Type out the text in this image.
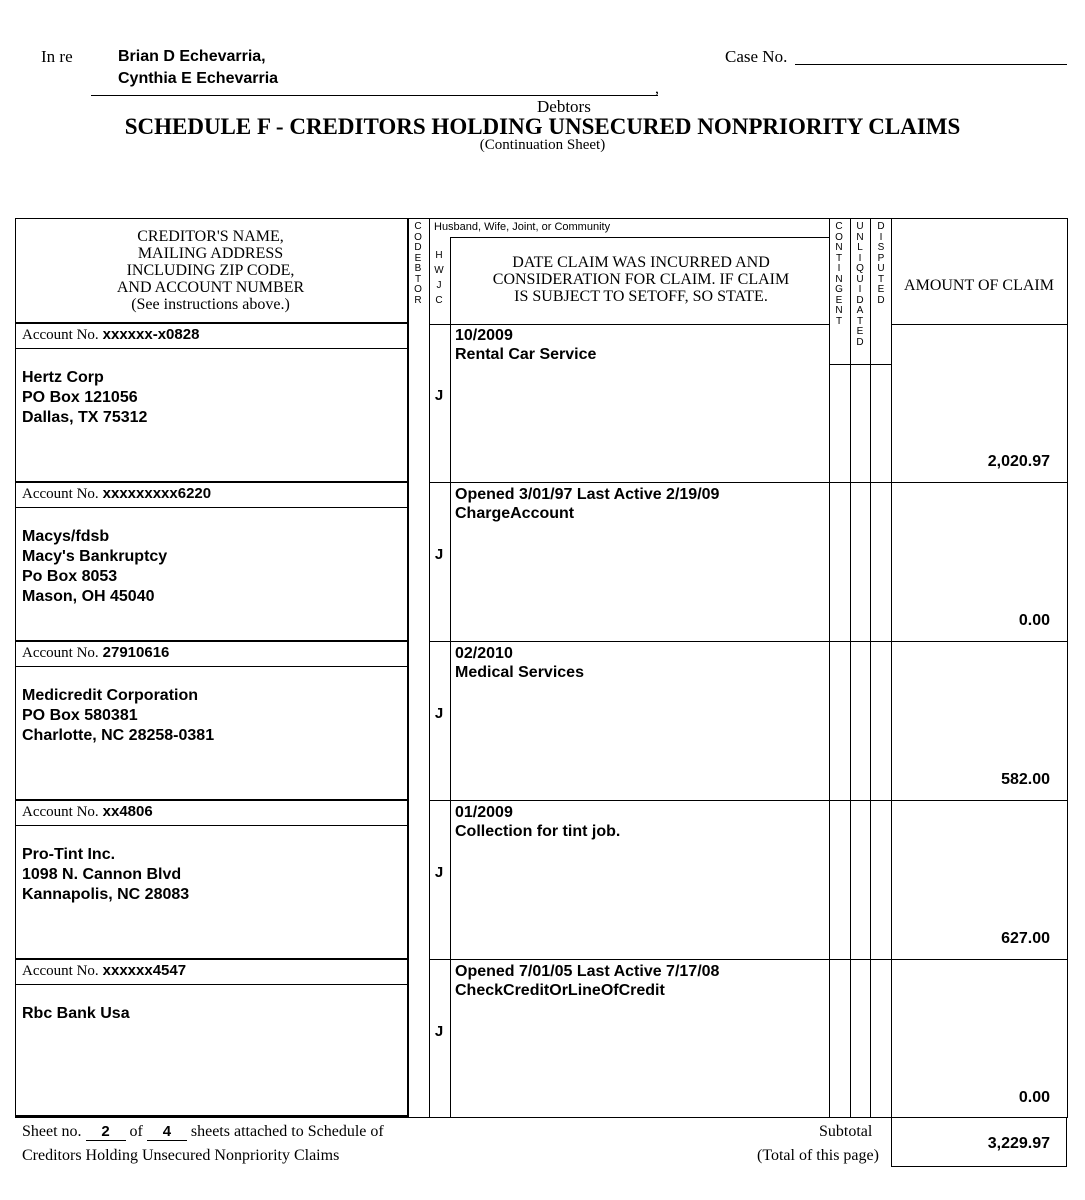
In re	Brian D Echevarria,
Cynthia E Echevarria
,
Debtors
Case No.
SCHEDULE F - CREDITORS HOLDING UNSECURED NONPRIORITY CLAIMS
(Continuation Sheet)
CREDITOR'S NAME,
MAILING ADDRESS
INCLUDING ZIP CODE,
AND ACCOUNT NUMBER
(See instructions above.)
C
O
D
E
B
T
O
R
Husband, Wife, Joint, or Community
H
W
J
C
DATE CLAIM WAS INCURRED AND
CONSIDERATION FOR CLAIM. IF CLAIM
IS SUBJECT TO SETOFF, SO STATE.
C
O
N
T
I
N
G
E
N
T
U
N
L
I
Q
U
I
D
A
T
E
D
D
I
S
P
U
T
E
D
AMOUNT OF CLAIM
Account No. xxxxxx-x0828
Hertz Corp
PO Box 121056
Dallas, TX 75312
J
10/2009
Rental Car Service
2,020.97
Account No. xxxxxxxxx6220
Macys/fdsb
Macy's Bankruptcy
Po Box 8053
Mason, OH 45040
J
Opened 3/01/97 Last Active 2/19/09
ChargeAccount
0.00
Account No. 27910616
Medicredit Corporation
PO Box 580381
Charlotte, NC 28258-0381
J
02/2010
Medical Services
582.00
Account No. xx4806
Pro-Tint Inc.
1098 N. Cannon Blvd
Kannapolis, NC 28083
J
01/2009
Collection for tint job.
627.00
Account No. xxxxxx4547
Rbc Bank Usa
J
Opened 7/01/05 Last Active 7/17/08
CheckCreditOrLineOfCredit
0.00
Sheet no. 2 of 4 sheets attached to Schedule of
Creditors Holding Unsecured Nonpriority Claims
Subtotal
(Total of this page)
3,229.97
